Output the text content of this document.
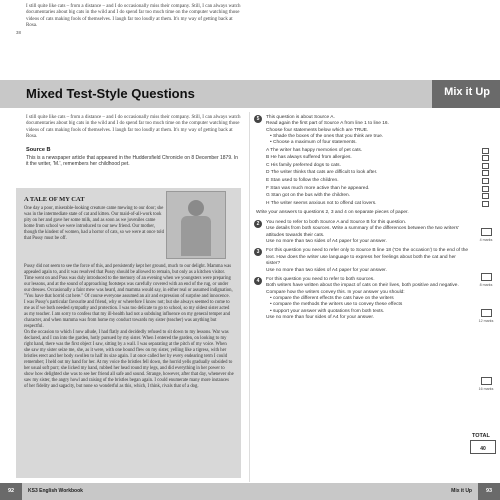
I still quite like cats – from a distance – and I do occasionally miss their company. Still, I can always watch documentaries about big cats in the wild and I do spend far too much time on the computer watching those videos of cats making fools of themselves. I laugh far too loudly at them. It's my way of getting back at Rosa.
38
Mixed Test-Style Questions	Mix it Up
I still quite like cats – from a distance – and I do occasionally miss their company. Still, I can always watch documentaries about big cats in the wild and I do spend far too much time on the computer watching those videos of cats making fools of themselves. I laugh far too loudly at them. It's my way of getting back at Rosa.
Source B
This is a newspaper article that appeared in the Huddersfield Chronicle on 8 December 1879. In it the writer, 'M.', remembers her childhood pet.
A TALE OF MY CAT
One day a poor, miserable-looking creature came mewing to our door; she was in the intermediate state of cat and kitten. Our maid-of-all-work took pity on her and gave her some milk, and as soon as we juveniles came home from school we were introduced to our new friend. Our mother, though the kindest of women, had a horror of cats, so we were at once told that Pussy must be off.
Pussy did not seem to see the force of this, and persistently kept her ground, much to our delight. Mamma was appealed again to, and it was resolved that Pussy should be allowed to remain, but only as a kitchen visitor. Time went on and Puss was duly introduced to the memory of an evening when we youngsters were preparing our lessons, and at the sound of approaching footsteps was carefully covered with an end of the rug, or under our dresses. Occasionally a faint mew was heard, and mamma would say, in either real or assumed indignation, "You have that horrid cat here." Of course everyone assumed an air and expression of surprise and innocence.
I was Pussy's particular favourite and friend, why or wherefore I know not; but she always seemed to come to me as if we both needed sympathy and protection. I was too delicate to go to school, so my oldest sister acted as my teacher. I am sorry to confess that my ill-health had not a subduing influence on my general temper and character, and when mamma was from home my conduct towards my sister (teacher) was anything but respectful.
On the occasion to which I now allude, I had flatly and decidedly refused to sit down to my lessons. War was declared, and I ran into the garden, hotly pursued by my sister. When I entered the garden, on looking to my right hand, there was the first object I saw, sitting by a wall. I was separating at the pitch of my voice. When she saw my sister seize me, she, as it were, with one bound flew on my sister, yelling like a tigress, with her bristles erect and her body swollen to half its size again. I at once called her by every endearing term I could remember; I held out my hand for her. At my voice the bristles fell down, the horrid yells gradually subsided to her usual soft purr; she licked my hand, rubbed her head round my legs, and did everything in her power to show how delighted she was to see her friend all safe and sound. Strange, however, after that day, whenever she saw my sister, the angry howl and raising of the bristles began again. I could enumerate many more instances of her fidelity and sagacity, but none so wonderful as this, which, I think, rivals that of a dog.
5	This question is about Source A.
Read again the first part of Source A from line 1 to line 16.
Choose four statements below which are TRUE.
• Shade the boxes of the ones that you think are true.
• Choose a maximum of four statements.
A The writer has happy memories of pet cats.
B He has always suffered from allergies.
C His family preferred dogs to cats.
D The writer thinks that cats are difficult to look after.
E Stan used to follow the children.
F Stan was much more active than he appeared.
G Stan got on the bus with the children.
H The writer seems anxious not to offend cat lovers.
Write your answers to questions 2, 3 and 4 on separate pieces of paper.
2	You need to refer to both Source A and Source B for this question.
Use details from both sources. Write a summary of the differences between the two writers' attitudes towards their cats.
Use no more than two sides of A4 paper for your answer.
3	For this question you need to refer only to Source B line 18 ('On the occasion') to the end of the text. How does the writer use language to express her feelings about both the cat and her sister?
Use no more than two sides of A4 paper for your answer.
4	For this question you need to refer to both sources.
Both writers have written about the impact of cats on their lives, both positive and negative.
Compare how the writers convey this. In your answer you should:
• compare the different effects the cats have on the writers
• compare the methods the writers use to convey these effects
• support your answer with quotations from both texts.
Use no more than four sides of A4 for your answer.
4 marks
8 marks
12 marks
16 marks
TOTAL
40
92	KS3 English Workbook	Mix it Up	93
